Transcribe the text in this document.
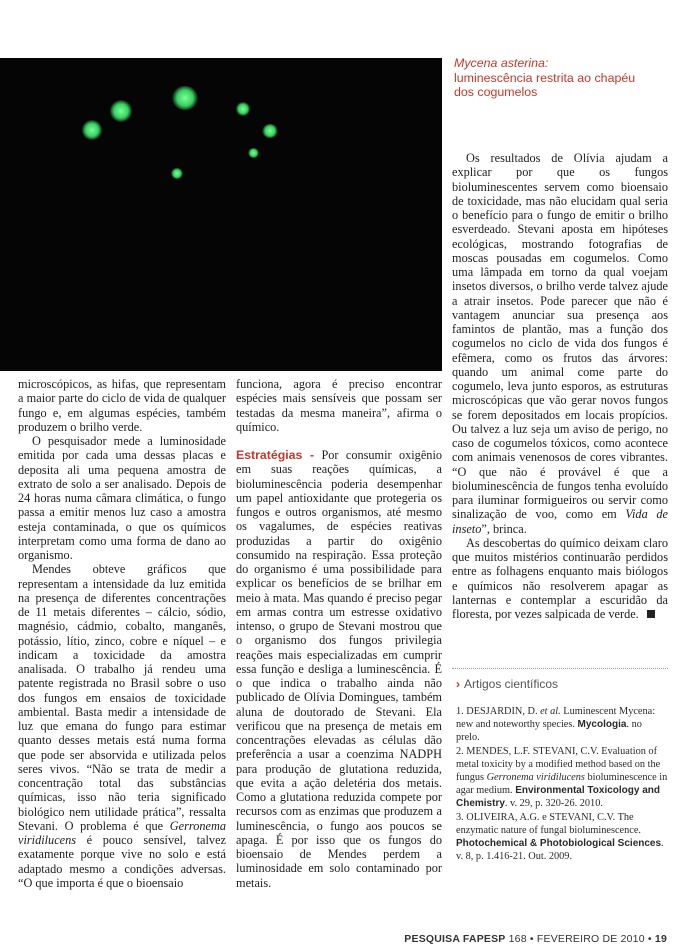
Mycena asterina:
luminescência restrita ao chapéu dos cogumelos

microscópicos, as hifas, que representam a maior parte do ciclo de vida de qualquer fungo e, em algumas espécies, também produzem o brilho verde.

O pesquisador mede a luminosidade emitida por cada uma dessas placas e deposita ali uma pequena amostra de extrato de solo a ser analisado. Depois de 24 horas numa câmara climática, o fungo passa a emitir menos luz caso a amostra esteja contaminada, o que os químicos interpretam como uma forma de dano ao organismo.

Mendes obteve gráficos que representam a intensidade da luz emitida na presença de diferentes concentrações de 11 metais diferentes – cálcio, sódio, magnésio, cádmio, cobalto, manganês, potássio, lítio, zinco, cobre e níquel – e indicam a toxicidade da amostra analisada. O trabalho já rendeu uma patente registrada no Brasil sobre o uso dos fungos em ensaios de toxicidade ambiental. Basta medir a intensidade de luz que emana do fungo para estimar quanto desses metais está numa forma que pode ser absorvida e utilizada pelos seres vivos. “Não se trata de medir a concentração total das substâncias químicas, isso não teria significado biológico nem utilidade prática”, ressalta Stevani. O problema é que Gerronema viridilucens é pouco sensível, talvez exatamente porque vive no solo e está adaptado mesmo a condições adversas. “O que importa é que o bioensaio

funciona, agora é preciso encontrar espécies mais sensíveis que possam ser testadas da mesma maneira”, afirma o químico.

Estratégias - Por consumir oxigênio em suas reações químicas, a bioluminescência poderia desempenhar um papel antioxidante que protegeria os fungos e outros organismos, até mesmo os vagalumes, de espécies reativas produzidas a partir do oxigênio consumido na respiração. Essa proteção do organismo é uma possibilidade para explicar os benefícios de se brilhar em meio à mata. Mas quando é preciso pegar em armas contra um estresse oxidativo intenso, o grupo de Stevani mostrou que o organismo dos fungos privilegia reações mais especializadas em cumprir essa função e desliga a luminescência. É o que indica o trabalho ainda não publicado de Olívia Domingues, também aluna de doutorado de Stevani. Ela verificou que na presença de metais em concentrações elevadas as células dão preferência a usar a coenzima NADPH para produção de glutationa reduzida, que evita a ação deletéria dos metais. Como a glutationa reduzida compete por recursos com as enzimas que produzem a luminescência, o fungo aos poucos se apaga. É por isso que os fungos do bioensaio de Mendes perdem a luminosidade em solo contaminado por metais.

Os resultados de Olívia ajudam a explicar por que os fungos bioluminescentes servem como bioensaio de toxicidade, mas não elucidam qual seria o benefício para o fungo de emitir o brilho esverdeado. Stevani aposta em hipóteses ecológicas, mostrando fotografias de moscas pousadas em cogumelos. Como uma lâmpada em torno da qual voejam insetos diversos, o brilho verde talvez ajude a atrair insetos. Pode parecer que não é vantagem anunciar sua presença aos famintos de plantão, mas a função dos cogumelos no ciclo de vida dos fungos é efêmera, como os frutos das árvores: quando um animal come parte do cogumelo, leva junto esporos, as estruturas microscópicas que vão gerar novos fungos se forem depositados em locais propícios. Ou talvez a luz seja um aviso de perigo, no caso de cogumelos tóxicos, como acontece com animais venenosos de cores vibrantes. “O que não é provável é que a bioluminescência de fungos tenha evoluído para iluminar formigueiros ou servir como sinalização de voo, como em Vida de inseto”, brinca.

As descobertas do químico deixam claro que muitos mistérios continuarão perdidos entre as folhagens enquanto mais biólogos e químicos não resolverem apagar as lanternas e contemplar a escuridão da floresta, por vezes salpicada de verde.

› Artigos científicos
1. DESJARDIN, D. et al. Luminescent Mycena: new and noteworthy species. Mycologia. no prelo.
2. MENDES, L.F. STEVANI, C.V. Evaluation of metal toxicity by a modified method based on the fungus Gerronema viridilucens bioluminescence in agar medium. Environmental Toxicology and Chemistry. v. 29, p. 320-26. 2010.
3. OLIVEIRA, A.G. e STEVANI, C.V. The enzymatic nature of fungal bioluminescence. Photochemical & Photobiological Sciences. v. 8, p. 1.416-21. Out. 2009.
PESQUISA FAPESP 168 • FEVEREIRO DE 2010 • 19
